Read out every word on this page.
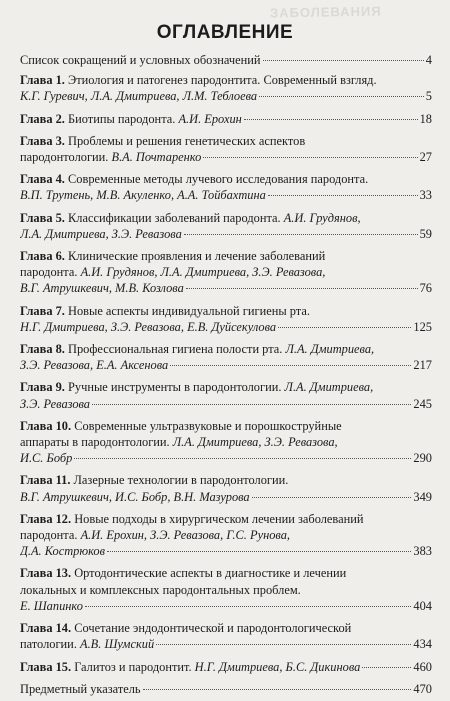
ЗАБОЛЕВАНИЯ
ОГЛАВЛЕНИЕ
Список сокращений и условных обозначений	4
Глава 1. Этиология и патогенез пародонтита. Современный взгляд.
К.Г. Гуревич, Л.А. Дмитриева, Л.М. Теблоева	5
Глава 2. Биотипы пародонта. А.И. Ерохин	18
Глава 3. Проблемы и решения генетических аспектов
пародонтологии. В.А. Почтаренко	27
Глава 4. Современные методы лучевого исследования пародонта.
В.П. Трутень, М.В. Акуленко, А.А. Тойбахтина	33
Глава 5. Классификации заболеваний пародонта. А.И. Грудянов,
Л.А. Дмитриева, З.Э. Ревазова	59
Глава 6. Клинические проявления и лечение заболеваний
пародонта. А.И. Грудянов, Л.А. Дмитриева, З.Э. Ревазова,
В.Г. Атрушкевич, М.В. Козлова	76
Глава 7. Новые аспекты индивидуальной гигиены рта.
Н.Г. Дмитриева, З.Э. Ревазова, Е.В. Дуйсекулова	125
Глава 8. Профессиональная гигиена полости рта. Л.А. Дмитриева,
З.Э. Ревазова, Е.А. Аксенова	217
Глава 9. Ручные инструменты в пародонтологии. Л.А. Дмитриева,
З.Э. Ревазова	245
Глава 10. Современные ультразвуковые и порошкоструйные
аппараты в пародонтологии. Л.А. Дмитриева, З.Э. Ревазова,
И.С. Бобр	290
Глава 11. Лазерные технологии в пародонтологии.
В.Г. Атрушкевич, И.С. Бобр, В.Н. Мазурова	349
Глава 12. Новые подходы в хирургическом лечении заболеваний
пародонта. А.И. Ерохин, З.Э. Ревазова, Г.С. Рунова,
Д.А. Кострюков	383
Глава 13. Ортодонтические аспекты в диагностике и лечении
локальных и комплексных пародонтальных проблем.
Е. Шапинко	404
Глава 14. Сочетание эндодонтической и пародонтологической
патологии. А.В. Шумский	434
Глава 15. Галитоз и пародонтит. Н.Г. Дмитриева, Б.С. Дикинова	460
Предметный указатель	470
